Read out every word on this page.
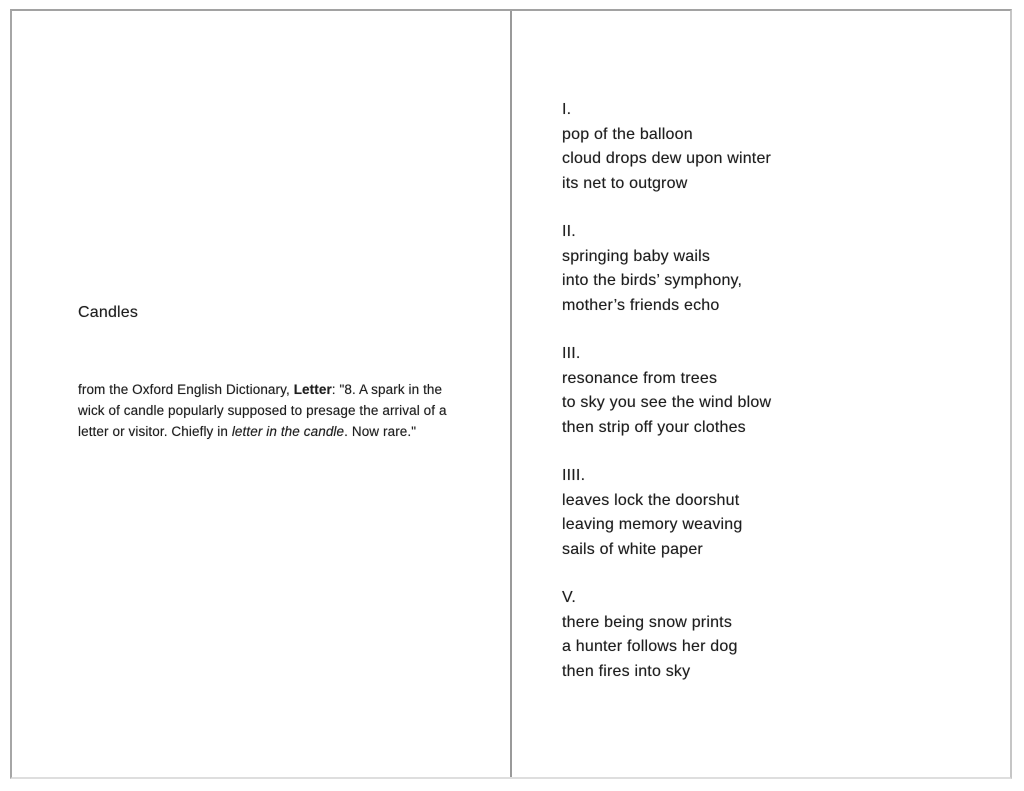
Candles
from the Oxford English Dictionary, Letter: "8. A spark in the
wick of candle popularly supposed to presage the arrival of a
letter or visitor. Chiefly in letter in the candle. Now rare."
I.
pop of the balloon
cloud drops dew upon winter
its net to outgrow
II.
springing baby wails
into the birds’ symphony,
mother’s friends echo
III.
resonance from trees
to sky you see the wind blow
then strip off your clothes
IIII.
leaves lock the doorshut
leaving memory weaving
sails of white paper
V.
there being snow prints
a hunter follows her dog
then fires into sky
